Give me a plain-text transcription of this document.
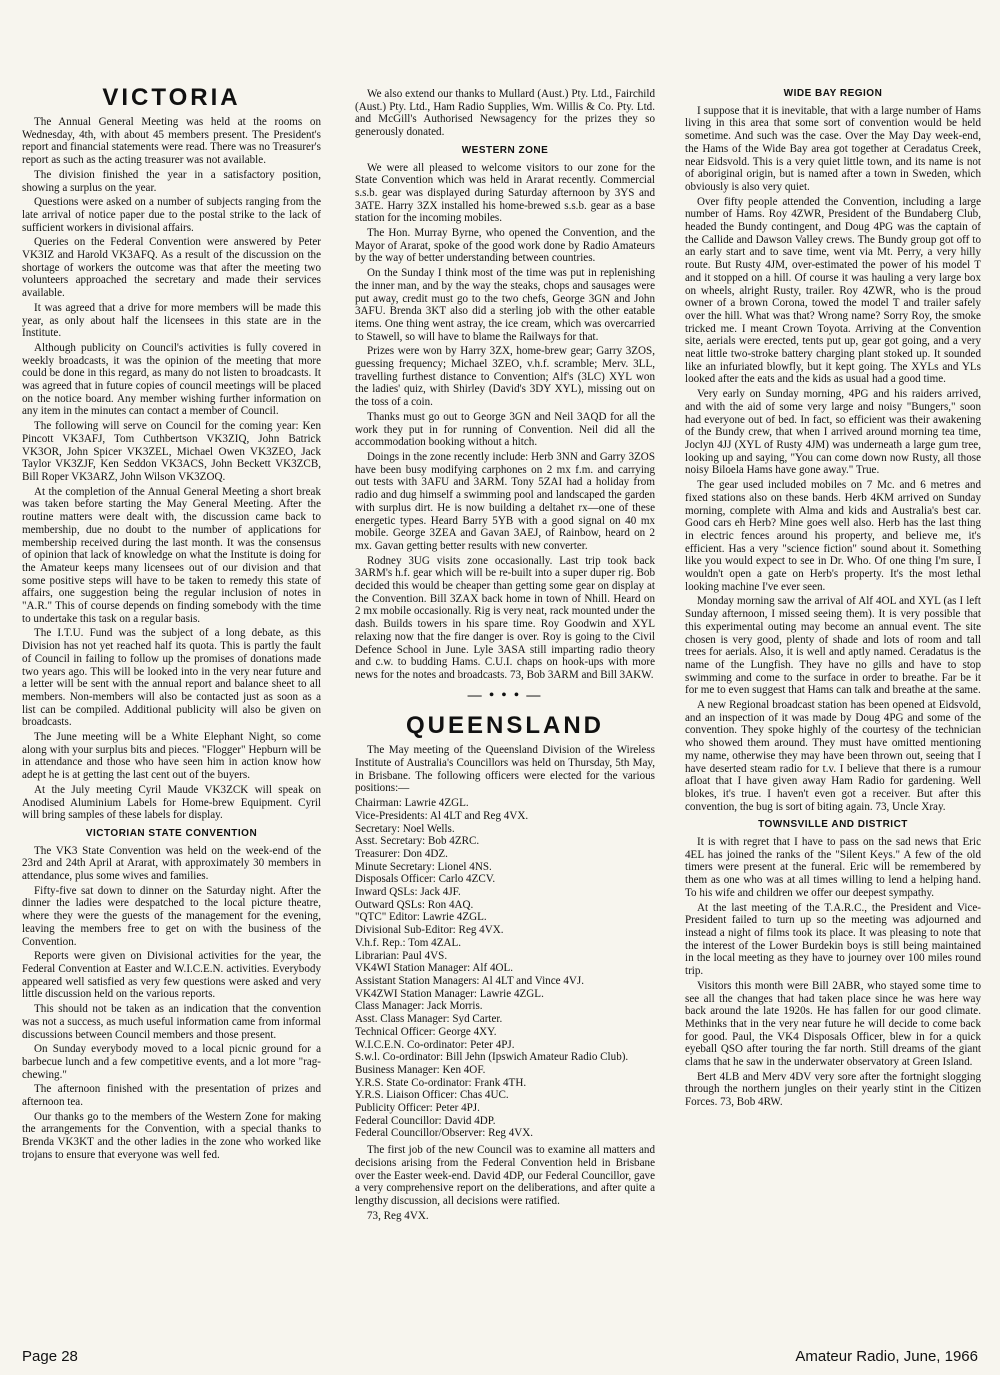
VICTORIA

The Annual General Meeting was held at the rooms on Wednesday, 4th, with about 45 members present. The President's report and financial statements were read. There was no Treasurer's report as such as the acting treasurer was not available.

The division finished the year in a satisfactory position, showing a surplus on the year.

Questions were asked on a number of subjects ranging from the late arrival of notice paper due to the postal strike to the lack of sufficient workers in divisional affairs.

Queries on the Federal Convention were answered by Peter VK3IZ and Harold VK3AFQ. As a result of the discussion on the shortage of workers the outcome was that after the meeting two volunteers approached the secretary and made their services available.

It was agreed that a drive for more members will be made this year, as only about half the licensees in this state are in the Institute.

Although publicity on Council's activities is fully covered in weekly broadcasts, it was the opinion of the meeting that more could be done in this regard, as many do not listen to broadcasts. It was agreed that in future copies of council meetings will be placed on the notice board. Any member wishing further information on any item in the minutes can contact a member of Council.

The following will serve on Council for the coming year: Ken Pincott VK3AFJ, Tom Cuthbertson VK3ZIQ, John Batrick VK3OR, John Spicer VK3ZEL, Michael Owen VK3ZEO, Jack Taylor VK3ZJF, Ken Seddon VK3ACS, John Beckett VK3ZCB, Bill Roper VK3ARZ, John Wilson VK3ZOQ.

At the completion of the Annual General Meeting a short break was taken before starting the May General Meeting. After the routine matters were dealt with, the discussion came back to membership, due no doubt to the number of applications for membership received during the last month. It was the consensus of opinion that lack of knowledge on what the Institute is doing for the Amateur keeps many licensees out of our division and that some positive steps will have to be taken to remedy this state of affairs, one suggestion being the regular inclusion of notes in "A.R." This of course depends on finding somebody with the time to undertake this task on a regular basis.

The I.T.U. Fund was the subject of a long debate, as this Division has not yet reached half its quota. This is partly the fault of Council in failing to follow up the promises of donations made two years ago. This will be looked into in the very near future and a letter will be sent with the annual report and balance sheet to all members. Non-members will also be contacted just as soon as a list can be compiled. Additional publicity will also be given on broadcasts.

The June meeting will be a White Elephant Night, so come along with your surplus bits and pieces. "Flogger" Hepburn will be in attendance and those who have seen him in action know how adept he is at getting the last cent out of the buyers.

At the July meeting Cyril Maude VK3ZCK will speak on Anodised Aluminium Labels for Home-brew Equipment. Cyril will bring samples of these labels for display.

VICTORIAN STATE CONVENTION

The VK3 State Convention was held on the week-end of the 23rd and 24th April at Ararat, with approximately 30 members in attendance, plus some wives and families.

Fifty-five sat down to dinner on the Saturday night. After the dinner the ladies were despatched to the local picture theatre, where they were the guests of the management for the evening, leaving the members free to get on with the business of the Convention.

Reports were given on Divisional activities for the year, the Federal Convention at Easter and W.I.C.E.N. activities. Everybody appeared well satisfied as very few questions were asked and very little discussion held on the various reports.

This should not be taken as an indication that the convention was not a success, as much useful information came from informal discussions between Council members and those present.

On Sunday everybody moved to a local picnic ground for a barbecue lunch and a few competitive events, and a lot more "rag-chewing."

The afternoon finished with the presentation of prizes and afternoon tea.

Our thanks go to the members of the Western Zone for making the arrangements for the Convention, with a special thanks to Brenda VK3KT and the other ladies in the zone who worked like trojans to ensure that everyone was well fed.

We also extend our thanks to Mullard (Aust.) Pty. Ltd., Fairchild (Aust.) Pty. Ltd., Ham Radio Supplies, Wm. Willis & Co. Pty. Ltd. and McGill's Authorised Newsagency for the prizes they so generously donated.

WESTERN ZONE

We were all pleased to welcome visitors to our zone for the State Convention which was held in Ararat recently. Commercial s.s.b. gear was displayed during Saturday afternoon by 3YS and 3ATE. Harry 3ZX installed his home-brewed s.s.b. gear as a base station for the incoming mobiles.

The Hon. Murray Byrne, who opened the Convention, and the Mayor of Ararat, spoke of the good work done by Radio Amateurs by the way of better understanding between countries.

On the Sunday I think most of the time was put in replenishing the inner man, and by the way the steaks, chops and sausages were put away, credit must go to the two chefs, George 3GN and John 3AFU. Brenda 3KT also did a sterling job with the other eatable items. One thing went astray, the ice cream, which was overcarried to Stawell, so will have to blame the Railways for that.

Prizes were won by Harry 3ZX, home-brew gear; Garry 3ZOS, guessing frequency; Michael 3ZEO, v.h.f. scramble; Merv. 3LL, travelling furthest distance to Convention; Alf's (3LC) XYL won the ladies' quiz, with Shirley (David's 3DY XYL), missing out on the toss of a coin.

Thanks must go out to George 3GN and Neil 3AQD for all the work they put in for running of Convention. Neil did all the accommodation booking without a hitch.

Doings in the zone recently include: Herb 3NN and Garry 3ZOS have been busy modifying carphones on 2 mx f.m. and carrying out tests with 3AFU and 3ARM. Tony 5ZAI had a holiday from radio and dug himself a swimming pool and landscaped the garden with surplus dirt. He is now building a deltahet rx—one of these energetic types. Heard Barry 5YB with a good signal on 40 mx mobile. George 3ZEA and Gavan 3AEJ, of Rainbow, heard on 2 mx. Gavan getting better results with new converter.

Rodney 3UG visits zone occasionally. Last trip took back 3ARM's h.f. gear which will be re-built into a super duper rig. Bob decided this would be cheaper than getting some gear on display at the Convention. Bill 3ZAX back home in town of Nhill. Heard on 2 mx mobile occasionally. Rig is very neat, rack mounted under the dash. Builds towers in his spare time. Roy Goodwin and XYL relaxing now that the fire danger is over. Roy is going to the Civil Defence School in June. Lyle 3ASA still imparting radio theory and c.w. to budding Hams. C.U.I. chaps on hook-ups with more news for the notes and broadcasts. 73, Bob 3ARM and Bill 3AKW.

— • • • —
QUEENSLAND

The May meeting of the Queensland Division of the Wireless Institute of Australia's Councillors was held on Thursday, 5th May, in Brisbane. The following officers were elected for the various positions:—

Chairman: Lawrie 4ZGL.
Vice-Presidents: Al 4LT and Reg 4VX.
Secretary: Noel Wells.
Asst. Secretary: Bob 4ZRC.
Treasurer: Don 4DZ.
Minute Secretary: Lionel 4NS.
Disposals Officer: Carlo 4ZCV.
Inward QSLs: Jack 4JF.
Outward QSLs: Ron 4AQ.
"QTC" Editor: Lawrie 4ZGL.
Divisional Sub-Editor: Reg 4VX.
V.h.f. Rep.: Tom 4ZAL.
Librarian: Paul 4VS.
VK4WI Station Manager: Alf 4OL.
Assistant Station Managers: Al 4LT and Vince 4VJ.
VK4ZWI Station Manager: Lawrie 4ZGL.
Class Manager: Jack Morris.
Asst. Class Manager: Syd Carter.
Technical Officer: George 4XY.
W.I.C.E.N. Co-ordinator: Peter 4PJ.
S.w.l. Co-ordinator: Bill Jehn (Ipswich Amateur Radio Club).
Business Manager: Ken 4OF.
Y.R.S. State Co-ordinator: Frank 4TH.
Y.R.S. Liaison Officer: Chas 4UC.
Publicity Officer: Peter 4PJ.
Federal Councillor: David 4DP.
Federal Councillor/Observer: Reg 4VX.

The first job of the new Council was to examine all matters and decisions arising from the Federal Convention held in Brisbane over the Easter week-end. David 4DP, our Federal Councillor, gave a very comprehensive report on the deliberations, and after quite a lengthy discussion, all decisions were ratified.

73, Reg 4VX.

WIDE BAY REGION

I suppose that it is inevitable, that with a large number of Hams living in this area that some sort of convention would be held sometime. And such was the case. Over the May Day week-end, the Hams of the Wide Bay area got together at Ceradatus Creek, near Eidsvold. This is a very quiet little town, and its name is not of aboriginal origin, but is named after a town in Sweden, which obviously is also very quiet.

Over fifty people attended the Convention, including a large number of Hams. Roy 4ZWR, President of the Bundaberg Club, headed the Bundy contingent, and Doug 4PG was the captain of the Callide and Dawson Valley crews. The Bundy group got off to an early start and to save time, went via Mt. Perry, a very hilly route. But Rusty 4JM, over-estimated the power of his model T and it stopped on a hill. Of course it was hauling a very large box on wheels, alright Rusty, trailer. Roy 4ZWR, who is the proud owner of a brown Corona, towed the model T and trailer safely over the hill. What was that? Wrong name? Sorry Roy, the smoke tricked me. I meant Crown Toyota. Arriving at the Convention site, aerials were erected, tents put up, gear got going, and a very neat little two-stroke battery charging plant stoked up. It sounded like an infuriated blowfly, but it kept going. The XYLs and YLs looked after the eats and the kids as usual had a good time.

Very early on Sunday morning, 4PG and his raiders arrived, and with the aid of some very large and noisy "Bungers," soon had everyone out of bed. In fact, so efficient was their awakening of the Bundy crew, that when I arrived around morning tea time, Joclyn 4JJ (XYL of Rusty 4JM) was underneath a large gum tree, looking up and saying, "You can come down now Rusty, all those noisy Biloela Hams have gone away." True.

The gear used included mobiles on 7 Mc. and 6 metres and fixed stations also on these bands. Herb 4KM arrived on Sunday morning, complete with Alma and kids and Australia's best car. Good cars eh Herb? Mine goes well also. Herb has the last thing in electric fences around his property, and believe me, it's efficient. Has a very "science fiction" sound about it. Something like you would expect to see in Dr. Who. Of one thing I'm sure, I wouldn't open a gate on Herb's property. It's the most lethal looking machine I've ever seen.

Monday morning saw the arrival of Alf 4OL and XYL (as I left Sunday afternoon, I missed seeing them). It is very possible that this experimental outing may become an annual event. The site chosen is very good, plenty of shade and lots of room and tall trees for aerials. Also, it is well and aptly named. Ceradatus is the name of the Lungfish. They have no gills and have to stop swimming and come to the surface in order to breathe. Far be it for me to even suggest that Hams can talk and breathe at the same.

A new Regional broadcast station has been opened at Eidsvold, and an inspection of it was made by Doug 4PG and some of the convention. They spoke highly of the courtesy of the technician who showed them around. They must have omitted mentioning my name, otherwise they may have been thrown out, seeing that I have deserted steam radio for t.v. I believe that there is a rumour afloat that I have given away Ham Radio for gardening. Well blokes, it's true. I haven't even got a receiver. But after this convention, the bug is sort of biting again. 73, Uncle Xray.

TOWNSVILLE AND DISTRICT

It is with regret that I have to pass on the sad news that Eric 4EL has joined the ranks of the "Silent Keys." A few of the old timers were present at the funeral. Eric will be remembered by them as one who was at all times willing to lend a helping hand. To his wife and children we offer our deepest sympathy.

At the last meeting of the T.A.R.C., the President and Vice-President failed to turn up so the meeting was adjourned and instead a night of films took its place. It was pleasing to note that the interest of the Lower Burdekin boys is still being maintained in the local meeting as they have to journey over 100 miles round trip.

Visitors this month were Bill 2ABR, who stayed some time to see all the changes that had taken place since he was here way back around the late 1920s. He has fallen for our good climate. Methinks that in the very near future he will decide to come back for good. Paul, the VK4 Disposals Officer, blew in for a quick eyeball QSO after touring the far north. Still dreams of the giant clams that he saw in the underwater observatory at Green Island.

Bert 4LB and Merv 4DV very sore after the fortnight slogging through the northern jungles on their yearly stint in the Citizen Forces. 73, Bob 4RW.

Page 28	Amateur Radio, June, 1966
